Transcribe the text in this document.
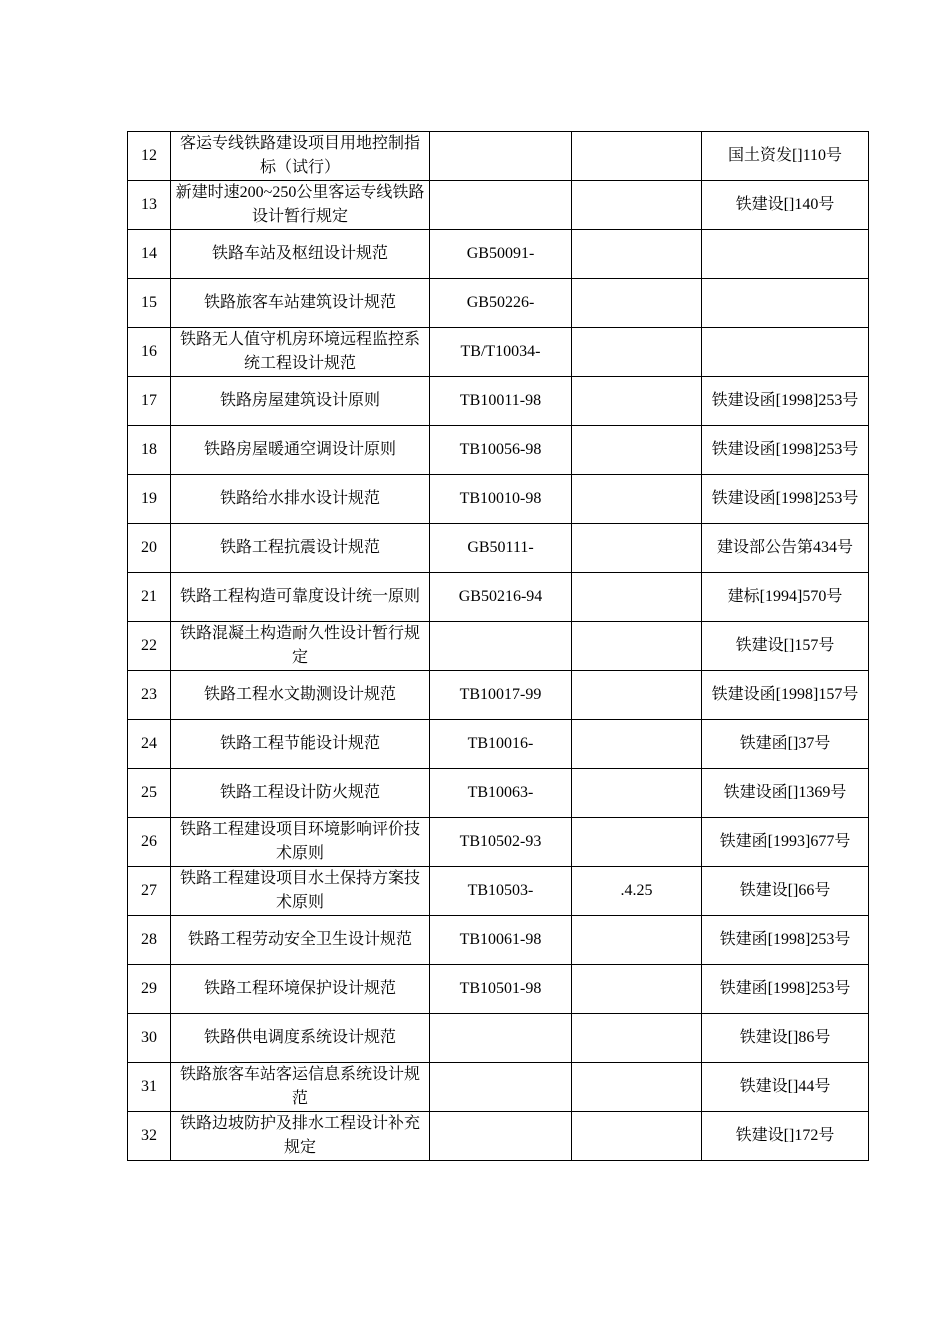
12	客运专线铁路建设项目用地控制指标（试行）			国土资发[]110号
13	新建时速200~250公里客运专线铁路设计暂行规定			铁建设[]140号
14	铁路车站及枢纽设计规范	GB50091-		
15	铁路旅客车站建筑设计规范	GB50226-		
16	铁路无人值守机房环境远程监控系统工程设计规范	TB/T10034-		
17	铁路房屋建筑设计原则	TB10011-98		铁建设函[1998]253号
18	铁路房屋暖通空调设计原则	TB10056-98		铁建设函[1998]253号
19	铁路给水排水设计规范	TB10010-98		铁建设函[1998]253号
20	铁路工程抗震设计规范	GB50111-		建设部公告第434号
21	铁路工程构造可靠度设计统一原则	GB50216-94		建标[1994]570号
22	铁路混凝土构造耐久性设计暂行规定			铁建设[]157号
23	铁路工程水文勘测设计规范	TB10017-99		铁建设函[1998]157号
24	铁路工程节能设计规范	TB10016-		铁建函[]37号
25	铁路工程设计防火规范	TB10063-		铁建设函[]1369号
26	铁路工程建设项目环境影响评价技术原则	TB10502-93		铁建函[1993]677号
27	铁路工程建设项目水土保持方案技术原则	TB10503-	.4.25	铁建设[]66号
28	铁路工程劳动安全卫生设计规范	TB10061-98		铁建函[1998]253号
29	铁路工程环境保护设计规范	TB10501-98		铁建函[1998]253号
30	铁路供电调度系统设计规范			铁建设[]86号
31	铁路旅客车站客运信息系统设计规范			铁建设[]44号
32	铁路边坡防护及排水工程设计补充规定			铁建设[]172号
